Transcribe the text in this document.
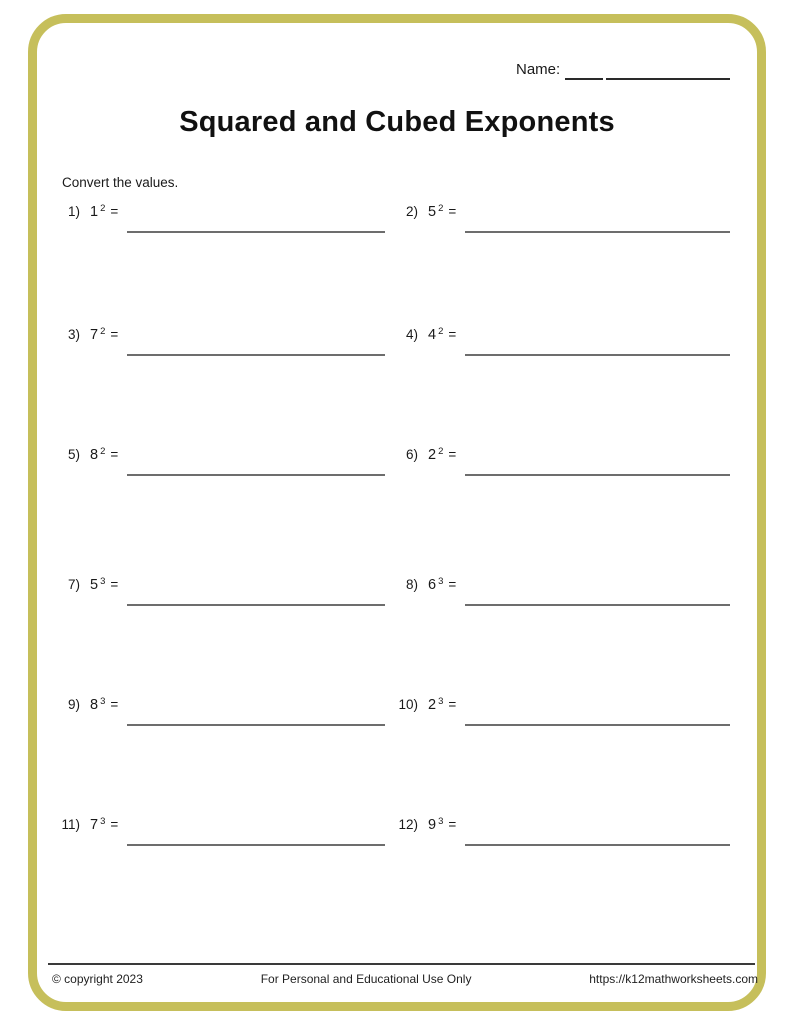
Name:
Squared and Cubed Exponents
Convert the values.
1) 1 $^2$ =	2) 5 $^2$ =
3) 7 $^2$ =	4) 4 $^2$ =
5) 8 $^2$ =	6) 2 $^2$ =
7) 5 $^3$ =	8) 6 $^3$ =
9) 8 $^3$ =	10) 2 $^3$ =
11) 7 $^3$ =	12) 9 $^3$ =
© copyright 2023	For Personal and Educational Use Only	https://k12mathworksheets.com
